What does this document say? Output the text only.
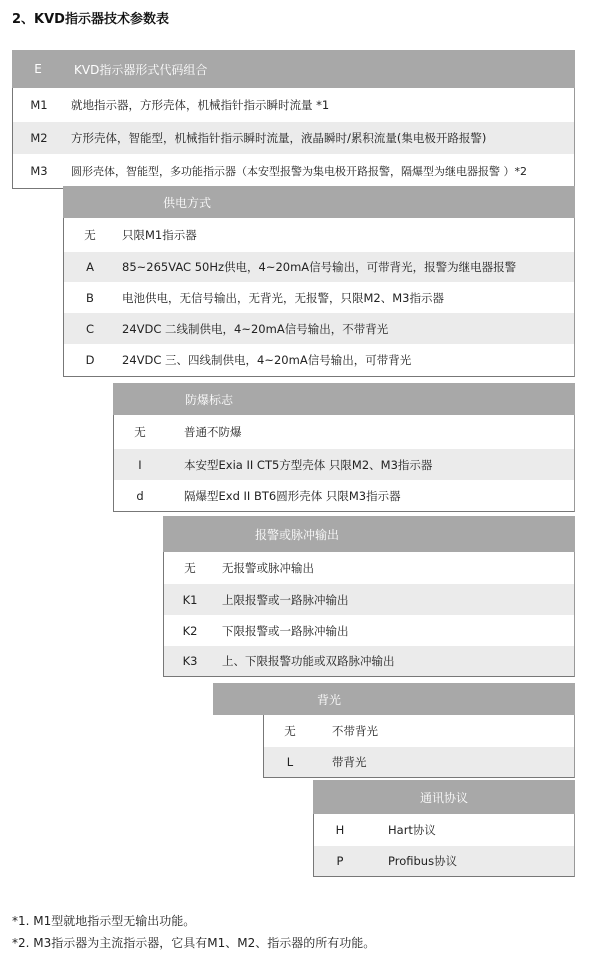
2、KVD指示器技术参数表
E	KVD指示器形式代码组合
M1	就地指示器，方形壳体，机械指针指示瞬时流量 *1
M2	方形壳体，智能型，机械指针指示瞬时流量，液晶瞬时/累积流量(集电极开路报警)
M3	圆形壳体，智能型，多功能指示器（本安型报警为集电极开路报警，隔爆型为继电器报警 ）*2
供电方式
无	只限M1指示器
A	85~265VAC 50Hz供电，4~20mA信号输出，可带背光，报警为继电器报警
B	电池供电，无信号输出，无背光，无报警，只限M2、M3指示器
C	24VDC 二线制供电，4~20mA信号输出，不带背光
D	24VDC 三、四线制供电，4~20mA信号输出，可带背光
防爆标志
无	普通不防爆
I	本安型Exia II CT5方型壳体 只限M2、M3指示器
d	隔爆型Exd II BT6圆形壳体 只限M3指示器
报警或脉冲输出
无	无报警或脉冲输出
K1	上限报警或一路脉冲输出
K2	下限报警或一路脉冲输出
K3	上、下限报警功能或双路脉冲输出
背光
无	不带背光
L	带背光
通讯协议
H	Hart协议
P	Profibus协议
*1. M1型就地指示型无输出功能。
*2. M3指示器为主流指示器，它具有M1、M2、指示器的所有功能。
